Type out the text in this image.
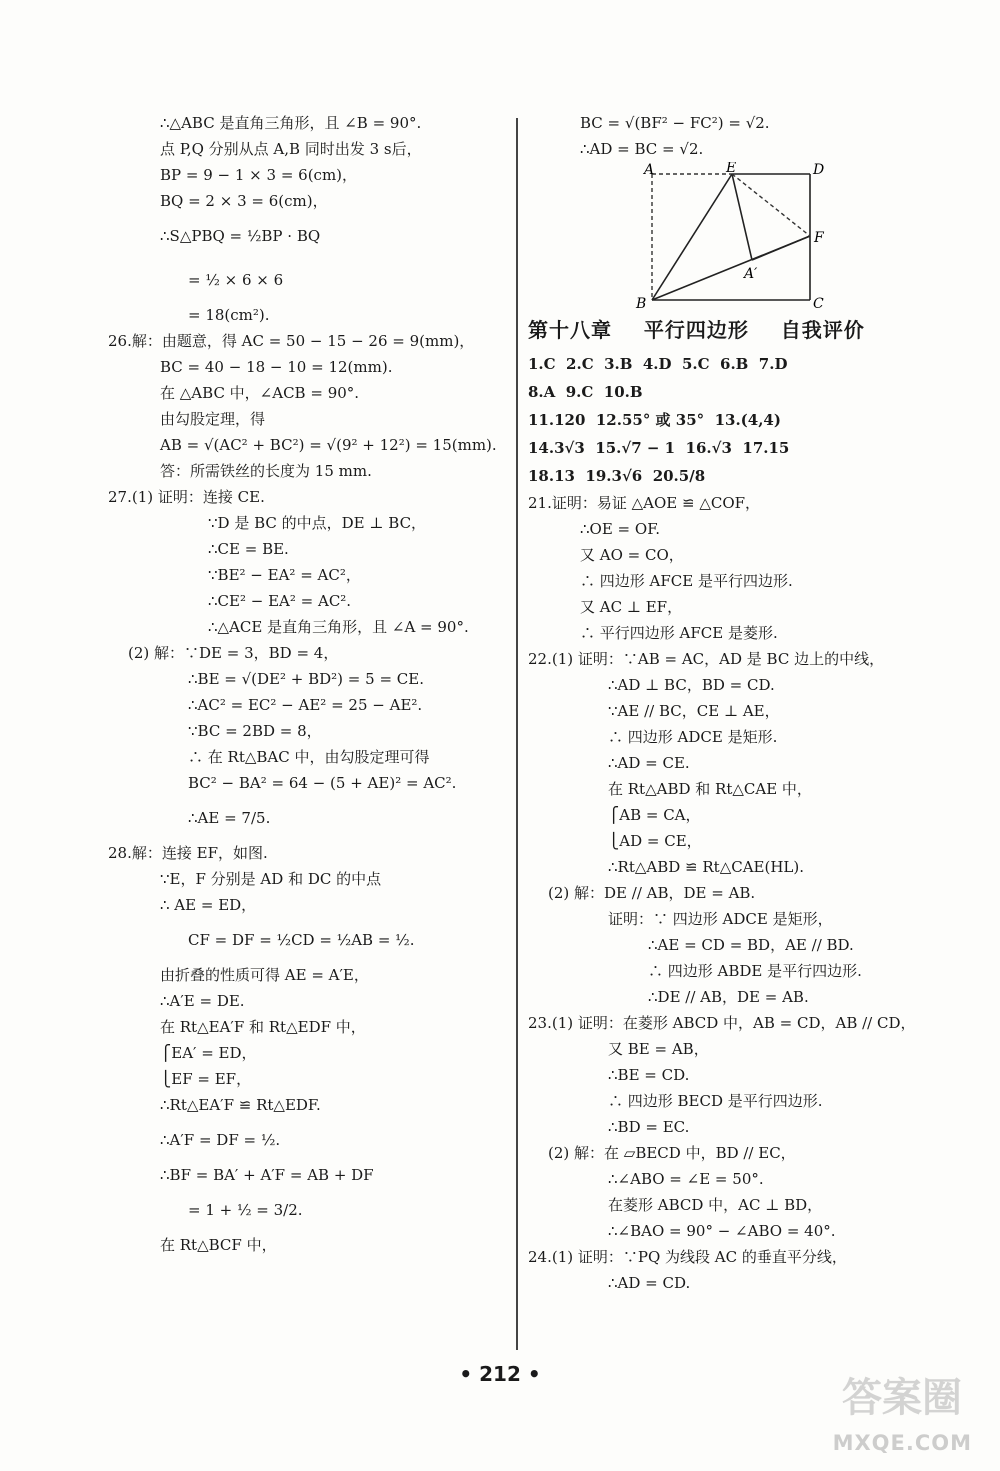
∴△ABC 是直角三角形，且 ∠B = 90°.
点 P,Q 分别从点 A,B 同时出发 3 s后，
BP = 9 − 1 × 3 = 6(cm)，
BQ = 2 × 3 = 6(cm)，
∴S△PBQ = ½BP · BQ
= ½ × 6 × 6
= 18(cm²).
26.解：由题意，得 AC = 50 − 15 − 26 = 9(mm)，
BC = 40 − 18 − 10 = 12(mm).
在 △ABC 中，∠ACB = 90°.
由勾股定理，得
AB = √(AC² + BC²) = √(9² + 12²) = 15(mm).
答：所需铁丝的长度为 15 mm.
27.(1) 证明：连接 CE.
∵D 是 BC 的中点，DE ⊥ BC，
∴CE = BE.
∵BE² − EA² = AC²，
∴CE² − EA² = AC².
∴△ACE 是直角三角形，且 ∠A = 90°.
(2) 解：∵DE = 3，BD = 4，
∴BE = √(DE² + BD²) = 5 = CE.
∴AC² = EC² − AE² = 25 − AE².
∵BC = 2BD = 8，
∴ 在 Rt△BAC 中，由勾股定理可得
BC² − BA² = 64 − (5 + AE)² = AC².
∴AE = 7/5.
28.解：连接 EF，如图.
∵E，F 分别是 AD 和 DC 的中点
∴ AE = ED，
CF = DF = ½CD = ½AB = ½.
由折叠的性质可得 AE = A′E，
∴A′E = DE.
在 Rt△EA′F 和 Rt△EDF 中，
⎧EA′ = ED，
⎩EF = EF，
∴Rt△EA′F ≌ Rt△EDF.
∴A′F = DF = ½.
∴BF = BA′ + A′F = AB + DF
= 1 + ½ = 3/2.
在 Rt△BCF 中，
BC = √(BF² − FC²) = √2.
∴AD = BC = √2.
A	E	D
F
A′
B	C
第十八章    平行四边形    自我评价
1.C  2.C  3.B  4.D  5.C  6.B  7.D
8.A  9.C  10.B
11.120  12.55° 或 35°  13.(4,4)
14.3√3  15.√7 − 1  16.√3  17.15
18.13  19.3√6  20.5/8
21.证明：易证 △AOE ≌ △COF，
∴OE = OF.
又 AO = CO，
∴ 四边形 AFCE 是平行四边形.
又 AC ⊥ EF，
∴ 平行四边形 AFCE 是菱形.
22.(1) 证明：∵AB = AC，AD 是 BC 边上的中线，
∴AD ⊥ BC，BD = CD.
∵AE // BC，CE ⊥ AE，
∴ 四边形 ADCE 是矩形.
∴AD = CE.
在 Rt△ABD 和 Rt△CAE 中，
⎧AB = CA，
⎩AD = CE，
∴Rt△ABD ≌ Rt△CAE(HL).
(2) 解：DE // AB，DE = AB.
证明：∵ 四边形 ADCE 是矩形，
∴AE = CD = BD，AE // BD.
∴ 四边形 ABDE 是平行四边形.
∴DE // AB，DE = AB.
23.(1) 证明：在菱形 ABCD 中，AB = CD，AB // CD，
又 BE = AB，
∴BE = CD.
∴ 四边形 BECD 是平行四边形.
∴BD = EC.
(2) 解：在 ▱BECD 中，BD // EC，
∴∠ABO = ∠E = 50°.
在菱形 ABCD 中，AC ⊥ BD，
∴∠BAO = 90° − ∠ABO = 40°.
24.(1) 证明：∵PQ 为线段 AC 的垂直平分线，
∴AD = CD.
• 212 •
答案圈
MXQE.COM
